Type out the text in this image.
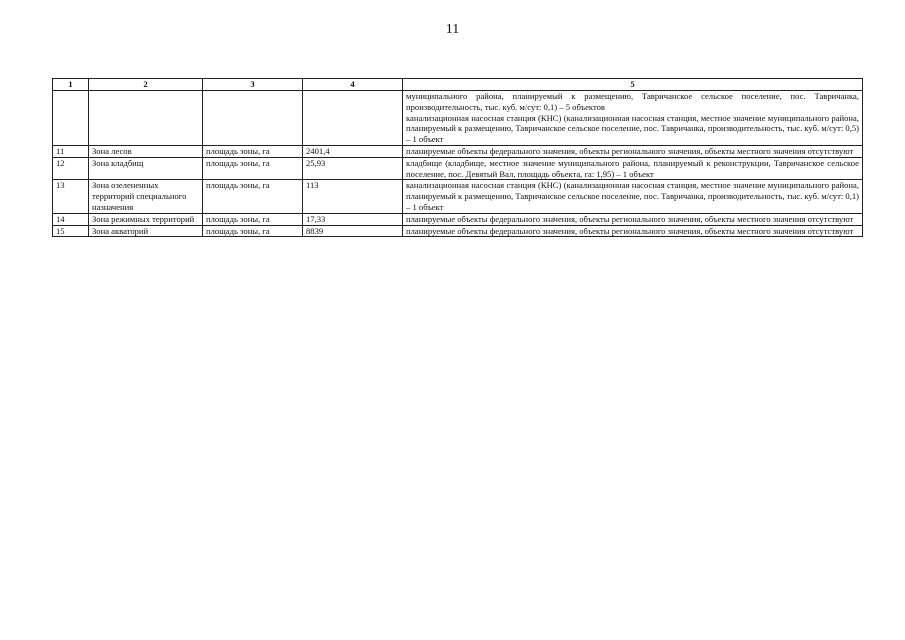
11
1	2	3	4	5

				муниципального района, планируемый к размещению, Тавричанское сельское поселение, пос. Тавричанка, производительность, тыс. куб. м/сут: 0,1) – 5 объектов
канализационная насосная станция (КНС) (канализационная насосная станция, местное значение муниципального района, планируемый к размещению, Тавричанское сельское поселение, пос. Тавричанка, производительность, тыс. куб. м/сут: 0,5) – 1 объект

11	Зона лесов	площадь зоны, га	2401,4	планируемые объекты федерального значения, объекты регионального значения, объекты местного значения отсутствуют

12	Зона кладбищ	площадь зоны, га	25,93	кладбище (кладбище, местное значение муниципального района, планируемый к реконструкции, Тавричанское сельское поселение, пос. Девятый Вал, площадь объекта, га: 1,95) – 1 объект

13	Зона озелененных территорий специального назначения	площадь зоны, га	113	канализационная насосная станция (КНС) (канализационная насосная станция, местное значение муниципального района, планируемый к размещению, Тавричанское сельское поселение, пос. Тавричанка, производительность, тыс. куб. м/сут: 0,1) – 1 объект

14	Зона режимных территорий	площадь зоны, га	17,33	планируемые объекты федерального значения, объекты регионального значения, объекты местного значения отсутствуют

15	Зона акваторий	площадь зоны, га	8839	планируемые объекты федерального значения, объекты регионального значения, объекты местного значения отсутствуют
